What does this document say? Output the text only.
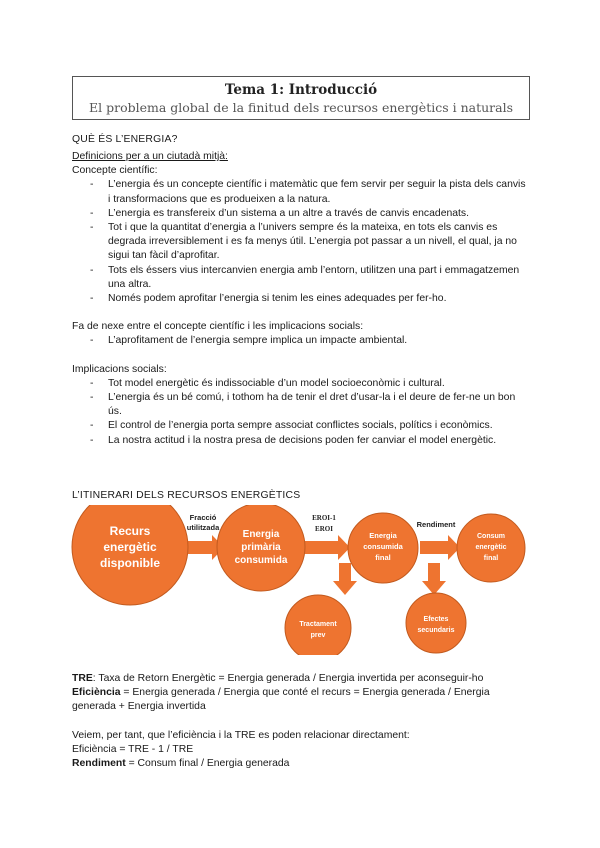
Tema 1: Introducció
El problema global de la finitud dels recursos energètics i naturals
QUÈ ÉS L’ENERGIA?
Definicions per a un ciutadà mitjà:
Concepte científic:
- L’energia és un concepte científic i matemàtic que fem servir per seguir la pista dels canvis i transformacions que es produeixen a la natura.
- L’energia es transfereix d’un sistema a un altre a través de canvis encadenats.
- Tot i que la quantitat d’energia a l’univers sempre és la mateixa, en tots els canvis es degrada irreversiblement i es fa menys útil. L’energia pot passar a un nivell, el qual, ja no sigui tan fàcil d’aprofitar.
- Tots els éssers vius intercanvien energia amb l’entorn, utilitzen una part i emmagatzemen una altra.
- Només podem aprofitar l’energia si tenim les eines adequades per fer-ho.
Fa de nexe entre el concepte científic i les implicacions socials:
- L’aprofitament de l’energia sempre implica un impacte ambiental.
Implicacions socials:
- Tot model energètic és indissociable d’un model socioeconòmic i cultural.
- L’energia és un bé comú, i tothom ha de tenir el dret d’usar-la i el deure de fer-ne un bon ús.
- El control de l’energia porta sempre associat conflictes socials, polítics i econòmics.
- La nostra actitud i la nostra presa de decisions poden fer canviar el model energètic.
L’ITINERARI DELS RECURSOS ENERGÈTICS
Recurs
energètic
disponible
Energia
primària
consumida
Energia
consumida
final
Consum
energètic
final
Tractament
prev
Efectes
secundaris
Fracció
utilitzada
EROI-1
EROI	Rendiment
TRE: Taxa de Retorn Energètic = Energia generada / Energia invertida per aconseguir-ho
Eficiència = Energia generada / Energia que conté el recurs = Energia generada / Energia generada + Energia invertida
Veiem, per tant, que l’eficiència i la TRE es poden relacionar directament:
Eficiència = TRE - 1 / TRE
Rendiment = Consum final / Energia generada
